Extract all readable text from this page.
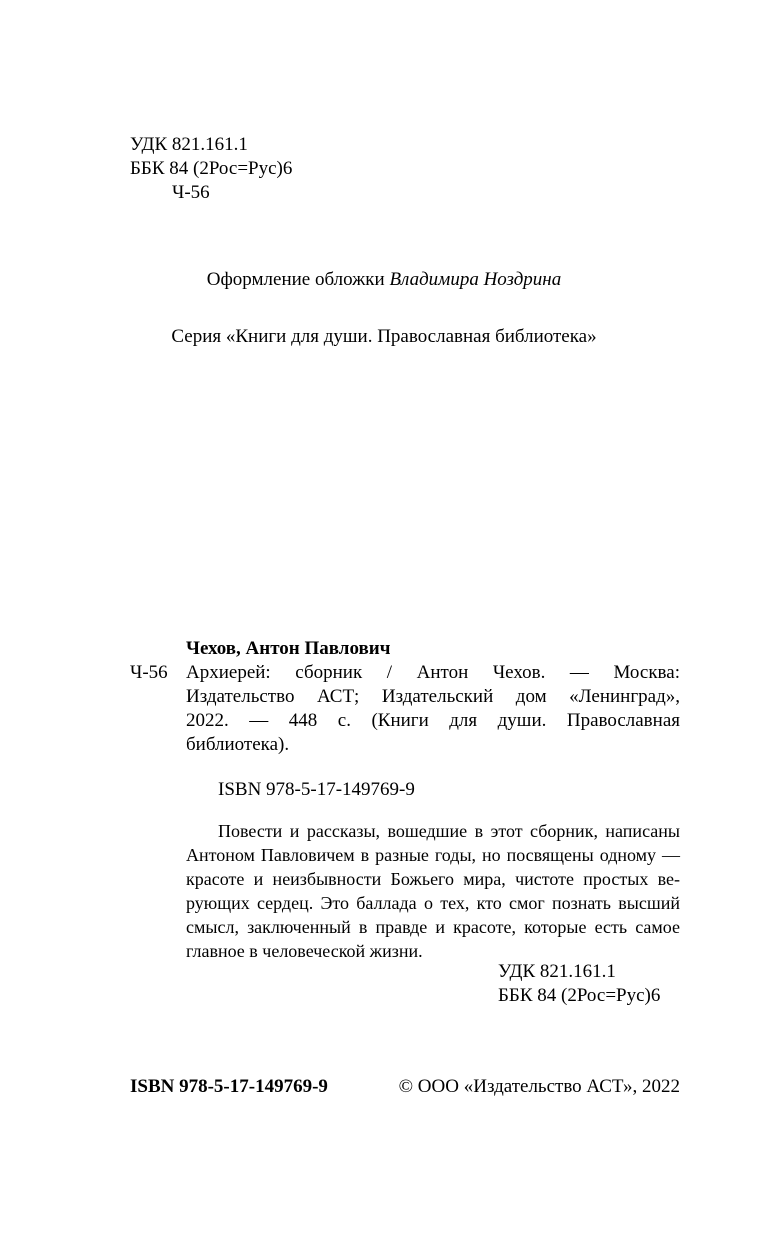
УДК 821.161.1
ББК 84 (2Рос=Рус)6
Ч-56
Оформление обложки Владимира Ноздрина
Серия «Книги для души. Православная библиотека»
Чехов, Антон Павлович
Ч-56 Архиерей: сборник / Антон Чехов. — Москва:
Издательство АСТ; Издательский дом «Ленинград»,
2022. — 448 с. (Книги для души. Православная
библиотека).
ISBN 978-5-17-149769-9
Повести и рассказы, вошедшие в этот сборник, написаны
Антоном Павловичем в разные годы, но посвящены одному —
красоте и неизбывности Божьего мира, чистоте простых ве-
рующих сердец. Это баллада о тех, кто смог познать высший
смысл, заключенный в правде и красоте, которые есть самое
главное в человеческой жизни.
УДК 821.161.1
ББК 84 (2Рос=Рус)6
ISBN 978-5-17-149769-9	© ООО «Издательство АСТ», 2022
